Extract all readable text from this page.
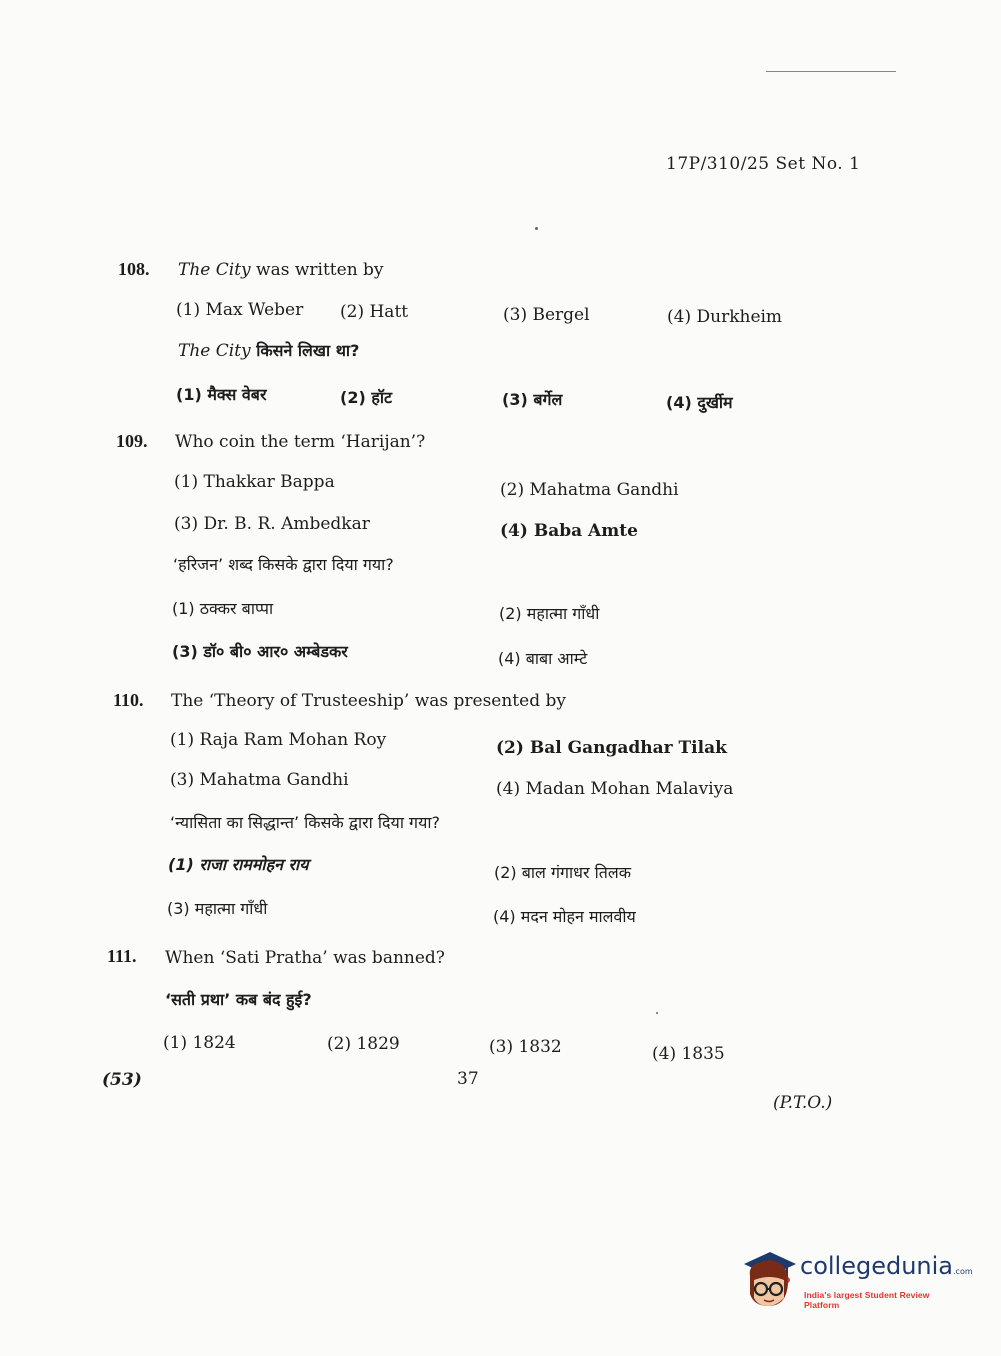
17P/310/25 Set No. 1
108. The City was written by
(1) Max Weber (2) Hatt	(3) Bergel	(4) Durkheim
The City किसने लिखा था?
(1) मैक्स वेबर	(2) हॉट	(3) बर्गेल	(4) दुर्खीम
109. Who coin the term ‘Harijan’?
(1) Thakkar Bappa	(2) Mahatma Gandhi
(3) Dr. B. R. Ambedkar	(4) Baba Amte
‘हरिजन’ शब्द किसके द्वारा दिया गया?
(1) ठक्कर बाप्पा	(2) महात्मा गाँधी
(3) डॉ० बी० आर० अम्बेडकर	(4) बाबा आम्टे
110. The ‘Theory of Trusteeship’ was presented by
(1) Raja Ram Mohan Roy	(2) Bal Gangadhar Tilak
(3) Mahatma Gandhi	(4) Madan Mohan Malaviya
‘न्यासिता का सिद्धान्त’ किसके द्वारा दिया गया?
(1) राजा राममोहन राय	(2) बाल गंगाधर तिलक
(3) महात्मा गाँधी	(4) मदन मोहन मालवीय
111. When ‘Sati Pratha’ was banned?
‘सती प्रथा’ कब बंद हुई?
(1) 1824	(2) 1829	(3) 1832	(4) 1835
(53)	37
(P.T.O.)
collegedunia.com
India's largest Student Review Platform
